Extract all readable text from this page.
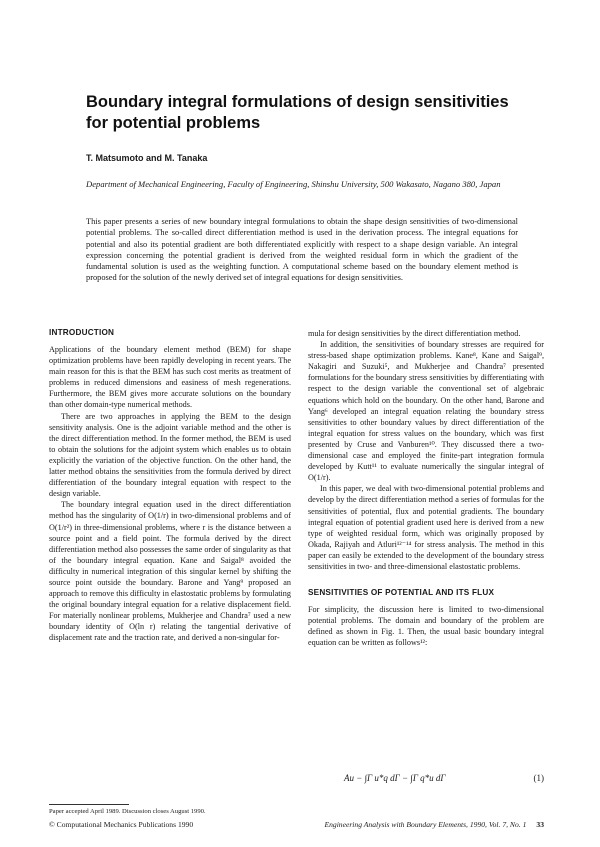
Boundary integral formulations of design sensitivities for potential problems
T. Matsumoto and M. Tanaka
Department of Mechanical Engineering, Faculty of Engineering, Shinshu University, 500 Wakasato, Nagano 380, Japan
This paper presents a series of new boundary integral formulations to obtain the shape design sensitivities of two-dimensional potential problems. The so-called direct differentiation method is used in the derivation process. The integral equations for potential and also its potential gradient are both differentiated explicitly with respect to a shape design variable. An integral expression concerning the potential gradient is derived from the weighted residual form in which the gradient of the fundamental solution is used as the weighting function. A computational scheme based on the boundary element method is proposed for the solution of the newly derived set of integral equations for design sensitivities.
INTRODUCTION

Applications of the boundary element method (BEM) for shape optimization problems have been rapidly developing in recent years. The main reason for this is that the BEM has such cost merits as treatment of problems in reduced dimensions and easiness of mesh regenerations. Furthermore, the BEM gives more accurate solutions on the boundary than other domain-type numerical methods.

There are two approaches in applying the BEM to the design sensitivity analysis. One is the adjoint variable method and the other is the direct differentiation method. In the former method, the BEM is used to obtain the solutions for the adjoint system which enables us to obtain explicitly the variation of the objective function. On the other hand, the latter method obtains the sensitivities from the formula derived by direct differentiation of the boundary integral equation with respect to the design variable.

The boundary integral equation used in the direct differentiation method has the singularity of O(1/r) in two-dimensional problems and of O(1/r²) in three-dimensional problems, where r is the distance between a source point and a field point. The formula derived by the direct differentiation method also possesses the same order of singularity as that of the boundary integral equation. Kane and Saigal⁸ avoided the difficulty in numerical integration of this singular kernel by shifting the source point outside the boundary. Barone and Yang⁹ proposed an approach to remove this difficulty in elastostatic problems by formulating the original boundary integral equation for a relative displacement field. For materially nonlinear problems, Mukherjee and Chandra⁷ used a new boundary identity of O(ln r) relating the tangential derivative of displacement rate and the traction rate, and derived a non-singular for-

mula for design sensitivities by the direct differentiation method.

In addition, the sensitivities of boundary stresses are required for stress-based shape optimization problems. Kane⁸, Kane and Saigal⁹, Nakagiri and Suzuki⁵, and Mukherjee and Chandra⁷ presented formulations for the boundary stress sensitivities by differentiating with respect to the design variable the conventional set of algebraic equations which hold on the boundary. On the other hand, Barone and Yang⁶ developed an integral equation relating the boundary stress sensitivities to other boundary values by direct differentiation of the integral equation for stress values on the boundary, which was first presented by Cruse and Vanburen¹⁰. They discussed there a two-dimensional case and employed the finite-part integration formula developed by Kutt¹¹ to evaluate numerically the singular integral of O(1/r).

In this paper, we deal with two-dimensional potential problems and develop by the direct differentiation method a series of formulas for the sensitivities of potential, flux and potential gradients. The boundary integral equation of potential gradient used here is derived from a new type of weighted residual form, which was originally proposed by Okada, Rajiyah and Atluri¹²⁻¹⁴ for stress analysis. The method in this paper can easily be extended to the development of the boundary stress sensitivities in two- and three-dimensional elastostatic problems.

SENSITIVITIES OF POTENTIAL AND ITS FLUX

For simplicity, the discussion here is limited to two-dimensional potential problems. The domain and boundary of the problem are defined as shown in Fig. 1. Then, the usual basic boundary integral equation can be written as follows¹²:

Au − ∫Γ u*q dΓ − ∫Γ q*u dΓ	(1)
Paper accepted April 1989. Discussion closes August 1990.
© Computational Mechanics Publications 1990	Engineering Analysis with Boundary Elements, 1990, Vol. 7, No. 1 33
